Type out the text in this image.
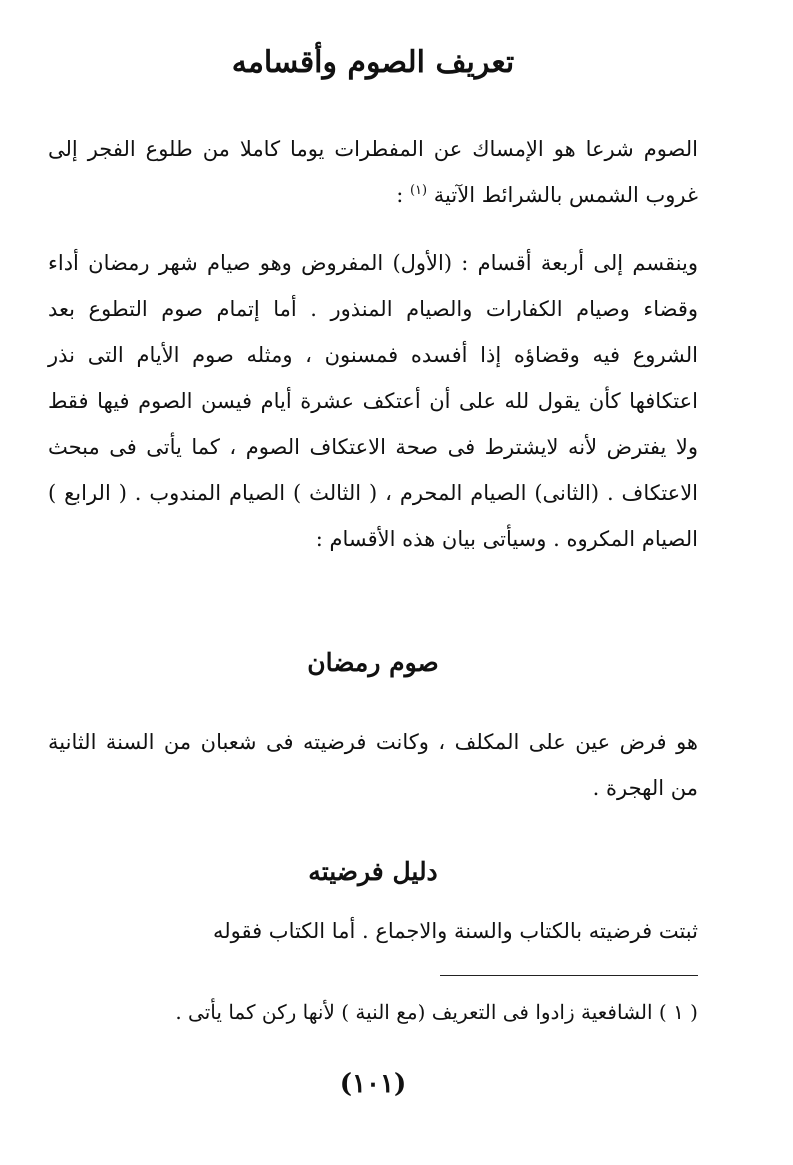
تعريف الصوم وأقسامه

الصوم شرعا هو الإمساك عن المفطرات يوما كاملا من طلوع الفجر إلى غروب الشمس بالشرائط الآتية $^{(١)}$ :

وينقسم إلى أربعة أقسام : (الأول) المفروض وهو صيام شهر رمضان أداء وقضاء وصيام الكفارات والصيام المنذور . أما إتمام صوم التطوع بعد الشروع فيه وقضاؤه إذا أفسده فمسنون ، ومثله صوم الأيام التى نذر اعتكافها كأن يقول لله على أن أعتكف عشرة أيام فيسن الصوم فيها فقط ولا يفترض لأنه لايشترط فى صحة الاعتكاف الصوم ، كما يأتى فى مبحث الاعتكاف . (الثانى) الصيام المحرم ، ( الثالث ) الصيام المندوب . ( الرابع ) الصيام المكروه . وسيأتى بيان هذه الأقسام :

صوم رمضان

هو فرض عين على المكلف ، وكانت فرضيته فى شعبان من السنة الثانية من الهجرة .

دليل فرضيته

ثبتت فرضيته بالكتاب والسنة والاجماع . أما الكتاب فقوله

( ١ ) الشافعية زادوا فى التعريف (مع النية ) لأنها ركن كما يأتى .

(١٠١)
